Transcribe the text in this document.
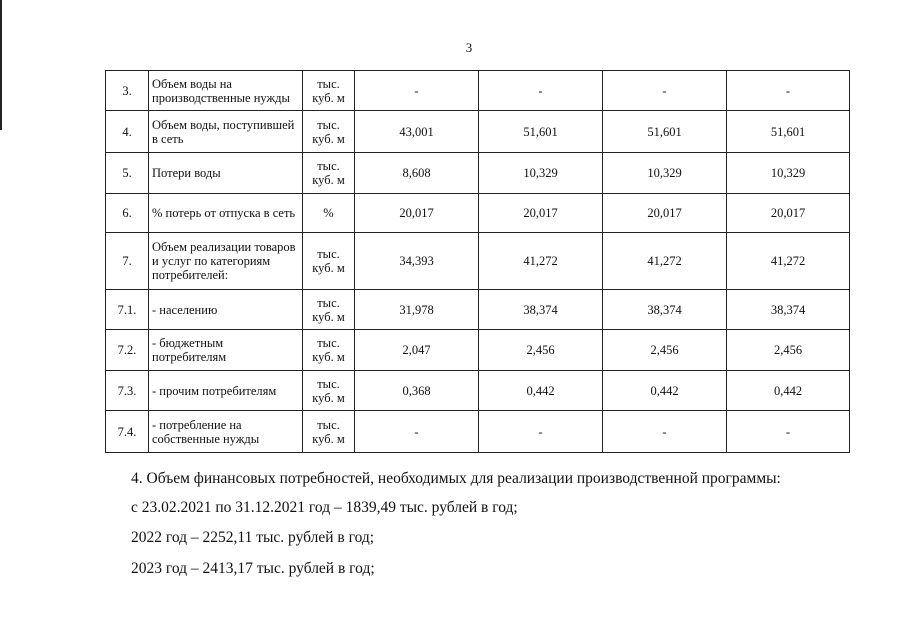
3
3.	Объем воды на производственные нужды	тыс. куб. м	-	-	-	-
4.	Объем воды, поступившей в сеть	тыс. куб. м	43,001	51,601	51,601	51,601
5.	Потери воды	тыс. куб. м	8,608	10,329	10,329	10,329
6.	% потерь от отпуска в сеть	%	20,017	20,017	20,017	20,017
7.	Объем реализации товаров и услуг по категориям потребителей:	тыс. куб. м	34,393	41,272	41,272	41,272
7.1.	- населению	тыс. куб. м	31,978	38,374	38,374	38,374
7.2.	- бюджетным потребителям	тыс. куб. м	2,047	2,456	2,456	2,456
7.3.	- прочим потребителям	тыс. куб. м	0,368	0,442	0,442	0,442
7.4.	- потребление на собственные нужды	тыс. куб. м	-	-	-	-
4. Объем финансовых потребностей, необходимых для реализации производственной программы:
с 23.02.2021 по 31.12.2021 год – 1839,49 тыс. рублей в год;
2022 год – 2252,11 тыс. рублей в год;
2023 год – 2413,17 тыс. рублей в год;
